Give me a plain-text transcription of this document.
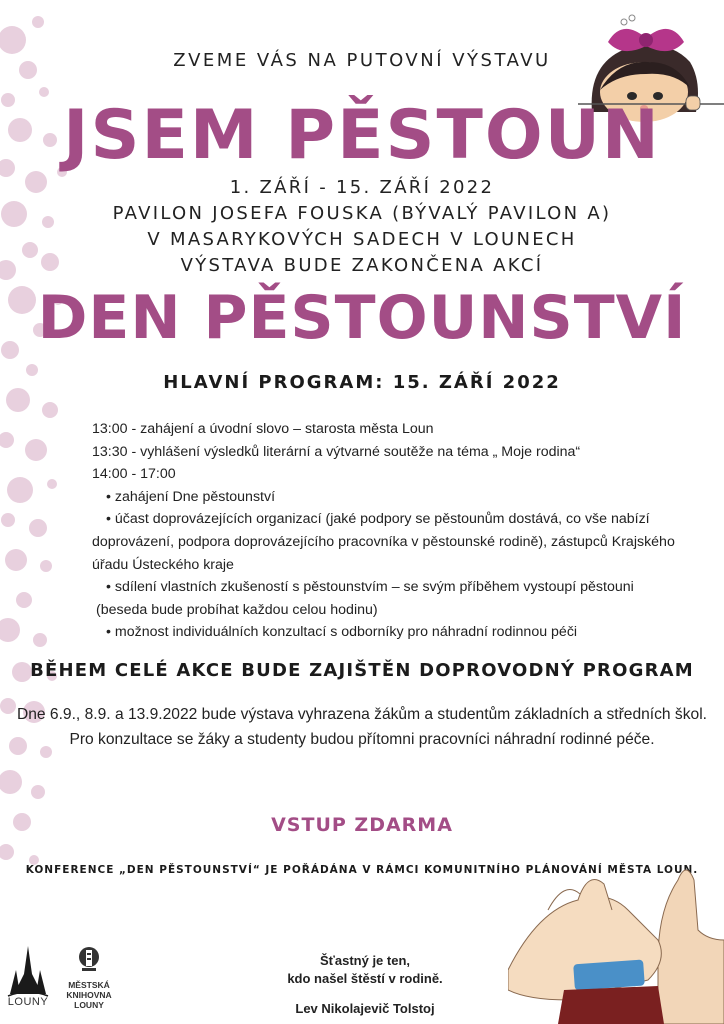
ZVEME VÁS NA PUTOVNÍ VÝSTAVU
JSEM PĚSTOUN
1. ZÁŘÍ - 15. ZÁŘÍ 2022
PAVILON JOSEFA FOUSKA (BÝVALÝ PAVILON A)
V MASARYKOVÝCH SADECH V LOUNECH
VÝSTAVA BUDE ZAKONČENA AKCÍ
DEN PĚSTOUNSTVÍ
HLAVNÍ PROGRAM: 15. ZÁŘÍ 2022
13:00 - zahájení a úvodní slovo – starosta města Loun
13:30 - vyhlášení výsledků literární a výtvarné soutěže na téma „ Moje rodina“
14:00 - 17:00
• zahájení Dne pěstounství
• účast doprovázejících organizací (jaké podpory se pěstounům dostává, co vše nabízí
doprovázení, podpora doprovázejícího pracovníka v pěstounské rodině), zástupců Krajského
úřadu Ústeckého kraje
• sdílení vlastních zkušeností s pěstounstvím – se svým příběhem vystoupí pěstouni
(beseda bude probíhat každou celou hodinu)
• možnost individuálních konzultací s odborníky pro náhradní rodinnou péči
BĚHEM CELÉ AKCE BUDE ZAJIŠTĚN DOPROVODNÝ PROGRAM
Dne 6.9., 8.9. a 13.9.2022 bude výstava vyhrazena žákům a studentům základních a středních škol.
Pro konzultace se žáky a studenty budou přítomni pracovníci náhradní rodinné péče.
VSTUP ZDARMA
KONFERENCE „DEN PĚSTOUNSTVÍ“ JE POŘÁDÁNA V RÁMCI KOMUNITNÍHO PLÁNOVÁNÍ MĚSTA LOUN.
Šťastný je ten,
kdo našel štěstí v rodině.
Lev Nikolajevič Tolstoj
LOUNY
MĚSTSKÁ
KNIHOVNA
LOUNY
